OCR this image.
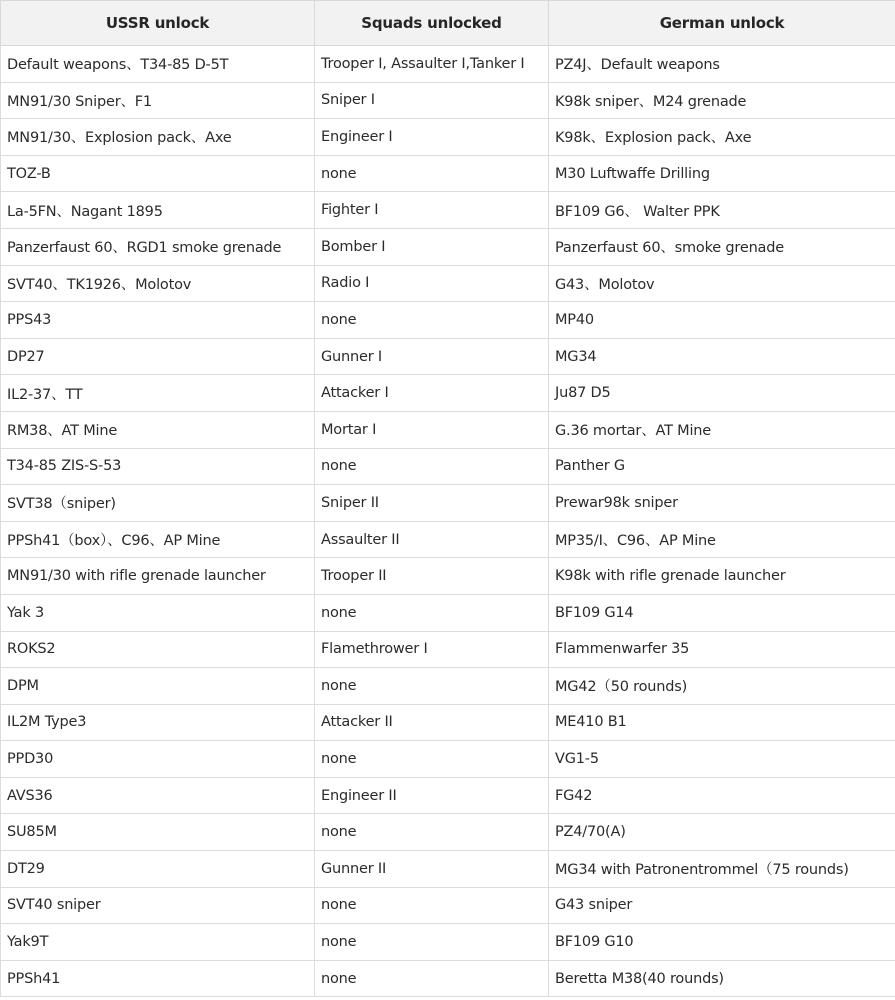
USSR unlock	Squads unlocked	German unlock
Default weapons、T34-85 D-5T	Trooper I, Assaulter I,Tanker I	PZ4J、Default weapons
MN91/30 Sniper、F1	Sniper I	K98k sniper、M24 grenade
MN91/30、Explosion pack、Axe	Engineer I	K98k、Explosion pack、Axe
TOZ-B	none	M30 Luftwaffe Drilling
La-5FN、Nagant 1895	Fighter I	BF109 G6、 Walter PPK
Panzerfaust 60、RGD1 smoke grenade	Bomber I	Panzerfaust 60、smoke grenade
SVT40、TK1926、Molotov	Radio I	G43、Molotov
PPS43	none	MP40
DP27	Gunner I	MG34
IL2-37、TT	Attacker I	Ju87 D5
RM38、AT Mine	Mortar I	G.36 mortar、AT Mine
T34-85 ZIS-S-53	none	Panther G
SVT38（sniper)	Sniper II	Prewar98k sniper
PPSh41（box）、C96、AP Mine	Assaulter II	MP35/I、C96、AP Mine
MN91/30 with rifle grenade launcher	Trooper II	K98k with rifle grenade launcher
Yak 3	none	BF109 G14
ROKS2	Flamethrower I	Flammenwarfer 35
DPM	none	MG42（50 rounds)
IL2M Type3	Attacker II	ME410 B1
PPD30	none	VG1-5
AVS36	Engineer II	FG42
SU85M	none	PZ4/70(A)
DT29	Gunner II	MG34 with Patronentrommel（75 rounds)
SVT40 sniper	none	G43 sniper
Yak9T	none	BF109 G10
PPSh41	none	Beretta M38(40 rounds)
